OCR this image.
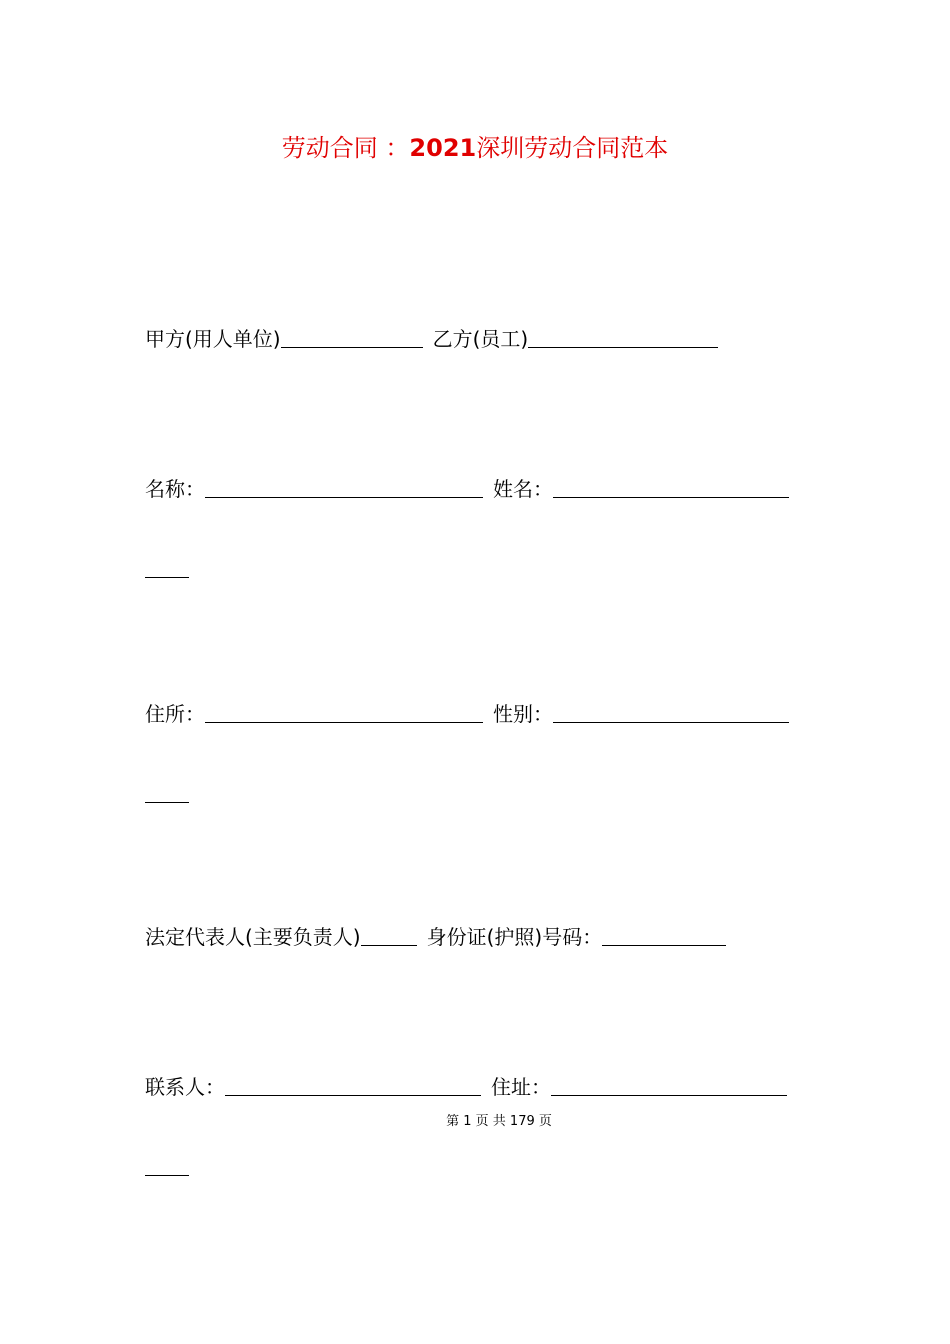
劳动合同 ：2021深圳劳动合同范本
甲方(用人单位)	乙方(员工)
名称：	姓名：
住所：	性别：
法定代表人(主要负责人)	身份证(护照)号码：
联系人：	住址：
第 1 页 共 179 页
